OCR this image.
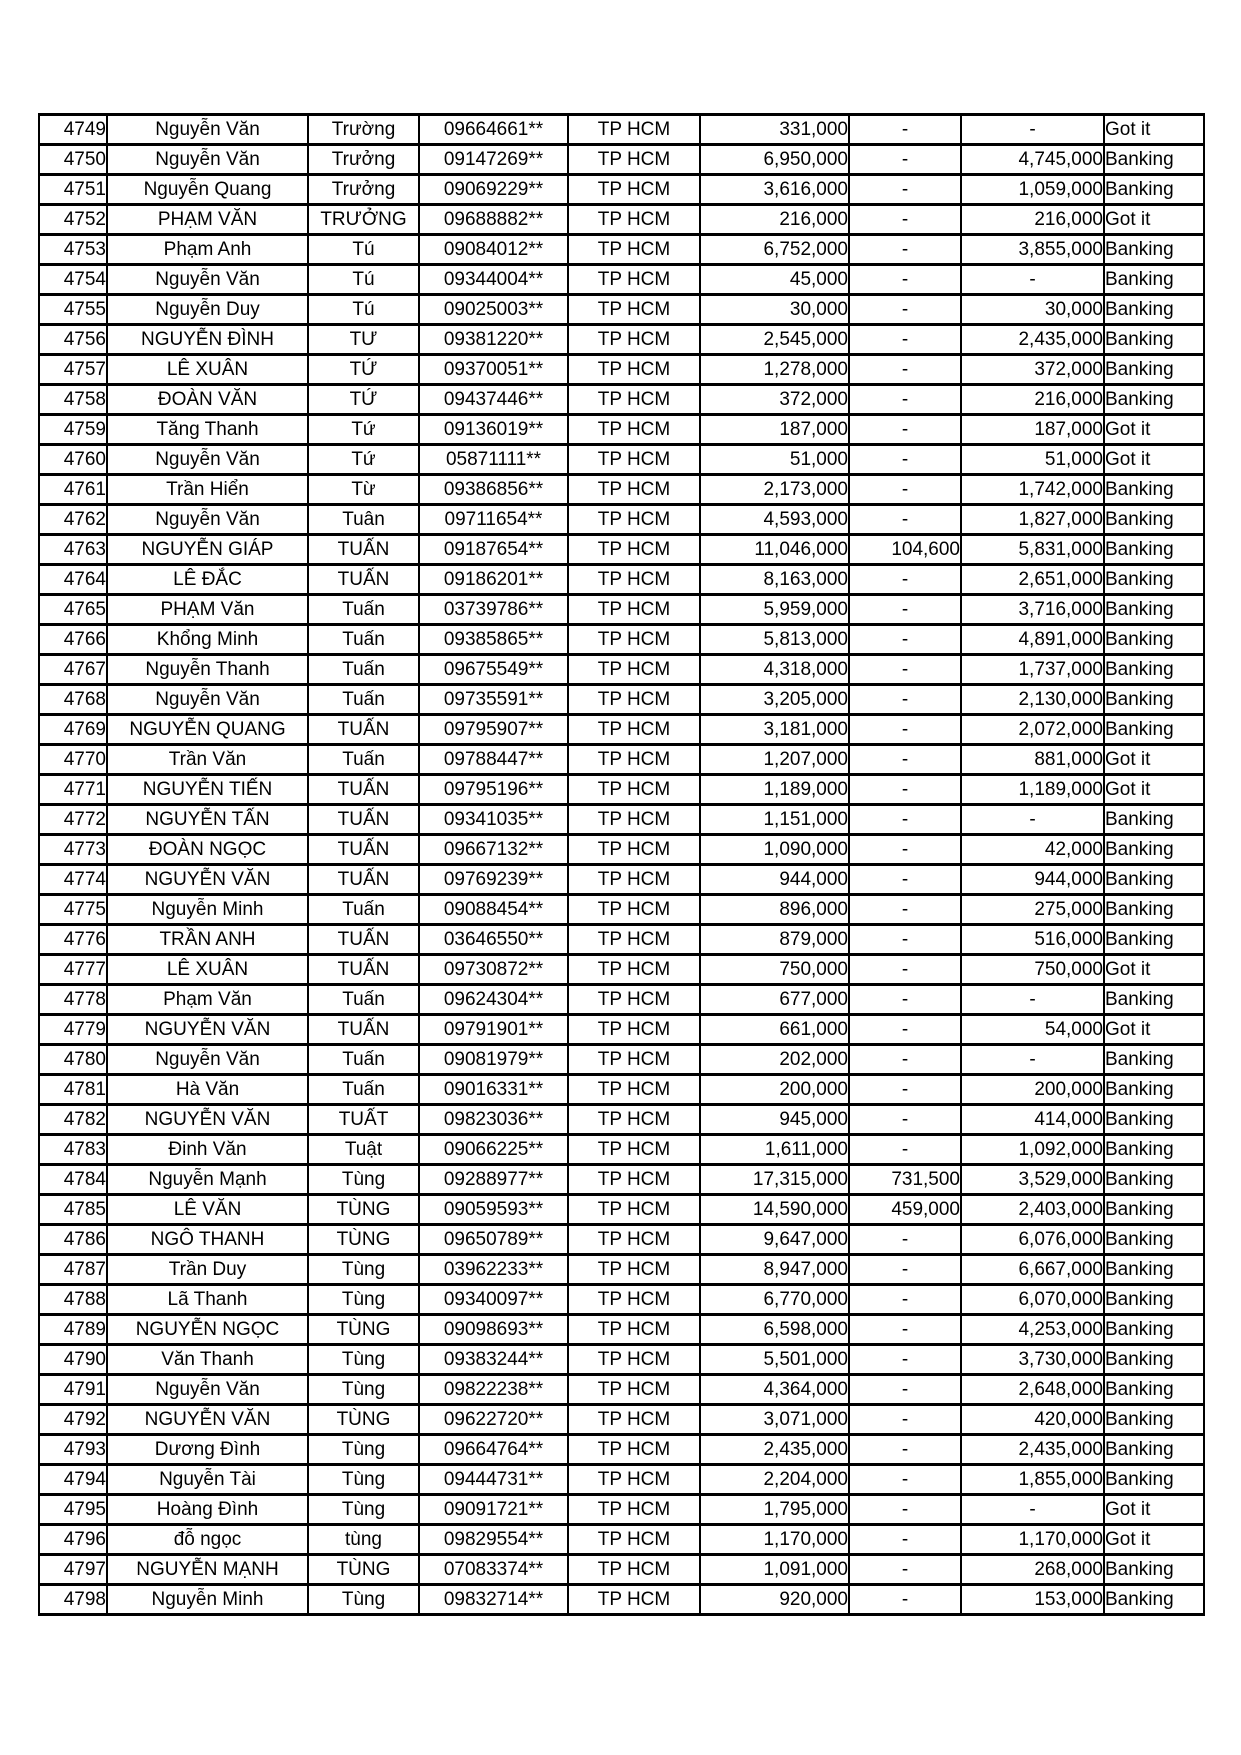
4749	Nguyễn Văn	Trường	09664661**	TP HCM	331,000	-	-	Got it
4750	Nguyễn Văn	Trưởng	09147269**	TP HCM	6,950,000	-	4,745,000	Banking
4751	Nguyễn Quang	Trưởng	09069229**	TP HCM	3,616,000	-	1,059,000	Banking
4752	PHẠM VĂN	TRƯỞNG	09688882**	TP HCM	216,000	-	216,000	Got it
4753	Phạm Anh	Tú	09084012**	TP HCM	6,752,000	-	3,855,000	Banking
4754	Nguyễn Văn	Tú	09344004**	TP HCM	45,000	-	-	Banking
4755	Nguyễn Duy	Tú	09025003**	TP HCM	30,000	-	30,000	Banking
4756	NGUYỄN ĐÌNH	TƯ	09381220**	TP HCM	2,545,000	-	2,435,000	Banking
4757	LÊ XUÂN	TỨ	09370051**	TP HCM	1,278,000	-	372,000	Banking
4758	ĐOÀN VĂN	TỨ	09437446**	TP HCM	372,000	-	216,000	Banking
4759	Tăng Thanh	Tứ	09136019**	TP HCM	187,000	-	187,000	Got it
4760	Nguyễn Văn	Tứ	05871111**	TP HCM	51,000	-	51,000	Got it
4761	Trần Hiển	Từ	09386856**	TP HCM	2,173,000	-	1,742,000	Banking
4762	Nguyễn Văn	Tuân	09711654**	TP HCM	4,593,000	-	1,827,000	Banking
4763	NGUYỄN GIÁP	TUẤN	09187654**	TP HCM	11,046,000	104,600	5,831,000	Banking
4764	LÊ ĐẮC	TUẤN	09186201**	TP HCM	8,163,000	-	2,651,000	Banking
4765	PHẠM Văn	Tuấn	03739786**	TP HCM	5,959,000	-	3,716,000	Banking
4766	Khổng Minh	Tuấn	09385865**	TP HCM	5,813,000	-	4,891,000	Banking
4767	Nguyễn Thanh	Tuấn	09675549**	TP HCM	4,318,000	-	1,737,000	Banking
4768	Nguyễn Văn	Tuấn	09735591**	TP HCM	3,205,000	-	2,130,000	Banking
4769	NGUYỄN QUANG	TUẤN	09795907**	TP HCM	3,181,000	-	2,072,000	Banking
4770	Trần Văn	Tuấn	09788447**	TP HCM	1,207,000	-	881,000	Got it
4771	NGUYỄN TIẾN	TUẤN	09795196**	TP HCM	1,189,000	-	1,189,000	Got it
4772	NGUYỄN TẤN	TUẤN	09341035**	TP HCM	1,151,000	-	-	Banking
4773	ĐOÀN NGỌC	TUẤN	09667132**	TP HCM	1,090,000	-	42,000	Banking
4774	NGUYỄN VĂN	TUẤN	09769239**	TP HCM	944,000	-	944,000	Banking
4775	Nguyễn Minh	Tuấn	09088454**	TP HCM	896,000	-	275,000	Banking
4776	TRẦN ANH	TUẤN	03646550**	TP HCM	879,000	-	516,000	Banking
4777	LÊ XUÂN	TUẤN	09730872**	TP HCM	750,000	-	750,000	Got it
4778	Phạm Văn	Tuấn	09624304**	TP HCM	677,000	-	-	Banking
4779	NGUYỄN VĂN	TUẤN	09791901**	TP HCM	661,000	-	54,000	Got it
4780	Nguyễn Văn	Tuấn	09081979**	TP HCM	202,000	-	-	Banking
4781	Hà Văn	Tuấn	09016331**	TP HCM	200,000	-	200,000	Banking
4782	NGUYỄN VĂN	TUẤT	09823036**	TP HCM	945,000	-	414,000	Banking
4783	Đinh Văn	Tuật	09066225**	TP HCM	1,611,000	-	1,092,000	Banking
4784	Nguyễn Mạnh	Tùng	09288977**	TP HCM	17,315,000	731,500	3,529,000	Banking
4785	LÊ VĂN	TÙNG	09059593**	TP HCM	14,590,000	459,000	2,403,000	Banking
4786	NGÔ THANH	TÙNG	09650789**	TP HCM	9,647,000	-	6,076,000	Banking
4787	Trần Duy	Tùng	03962233**	TP HCM	8,947,000	-	6,667,000	Banking
4788	Lã Thanh	Tùng	09340097**	TP HCM	6,770,000	-	6,070,000	Banking
4789	NGUYỄN NGỌC	TÙNG	09098693**	TP HCM	6,598,000	-	4,253,000	Banking
4790	Văn Thanh	Tùng	09383244**	TP HCM	5,501,000	-	3,730,000	Banking
4791	Nguyễn Văn	Tùng	09822238**	TP HCM	4,364,000	-	2,648,000	Banking
4792	NGUYỄN VĂN	TÙNG	09622720**	TP HCM	3,071,000	-	420,000	Banking
4793	Dương Đình	Tùng	09664764**	TP HCM	2,435,000	-	2,435,000	Banking
4794	Nguyễn Tài	Tùng	09444731**	TP HCM	2,204,000	-	1,855,000	Banking
4795	Hoàng Đình	Tùng	09091721**	TP HCM	1,795,000	-	-	Got it
4796	đỗ ngọc	tùng	09829554**	TP HCM	1,170,000	-	1,170,000	Got it
4797	NGUYỄN MẠNH	TÙNG	07083374**	TP HCM	1,091,000	-	268,000	Banking
4798	Nguyễn Minh	Tùng	09832714**	TP HCM	920,000	-	153,000	Banking
